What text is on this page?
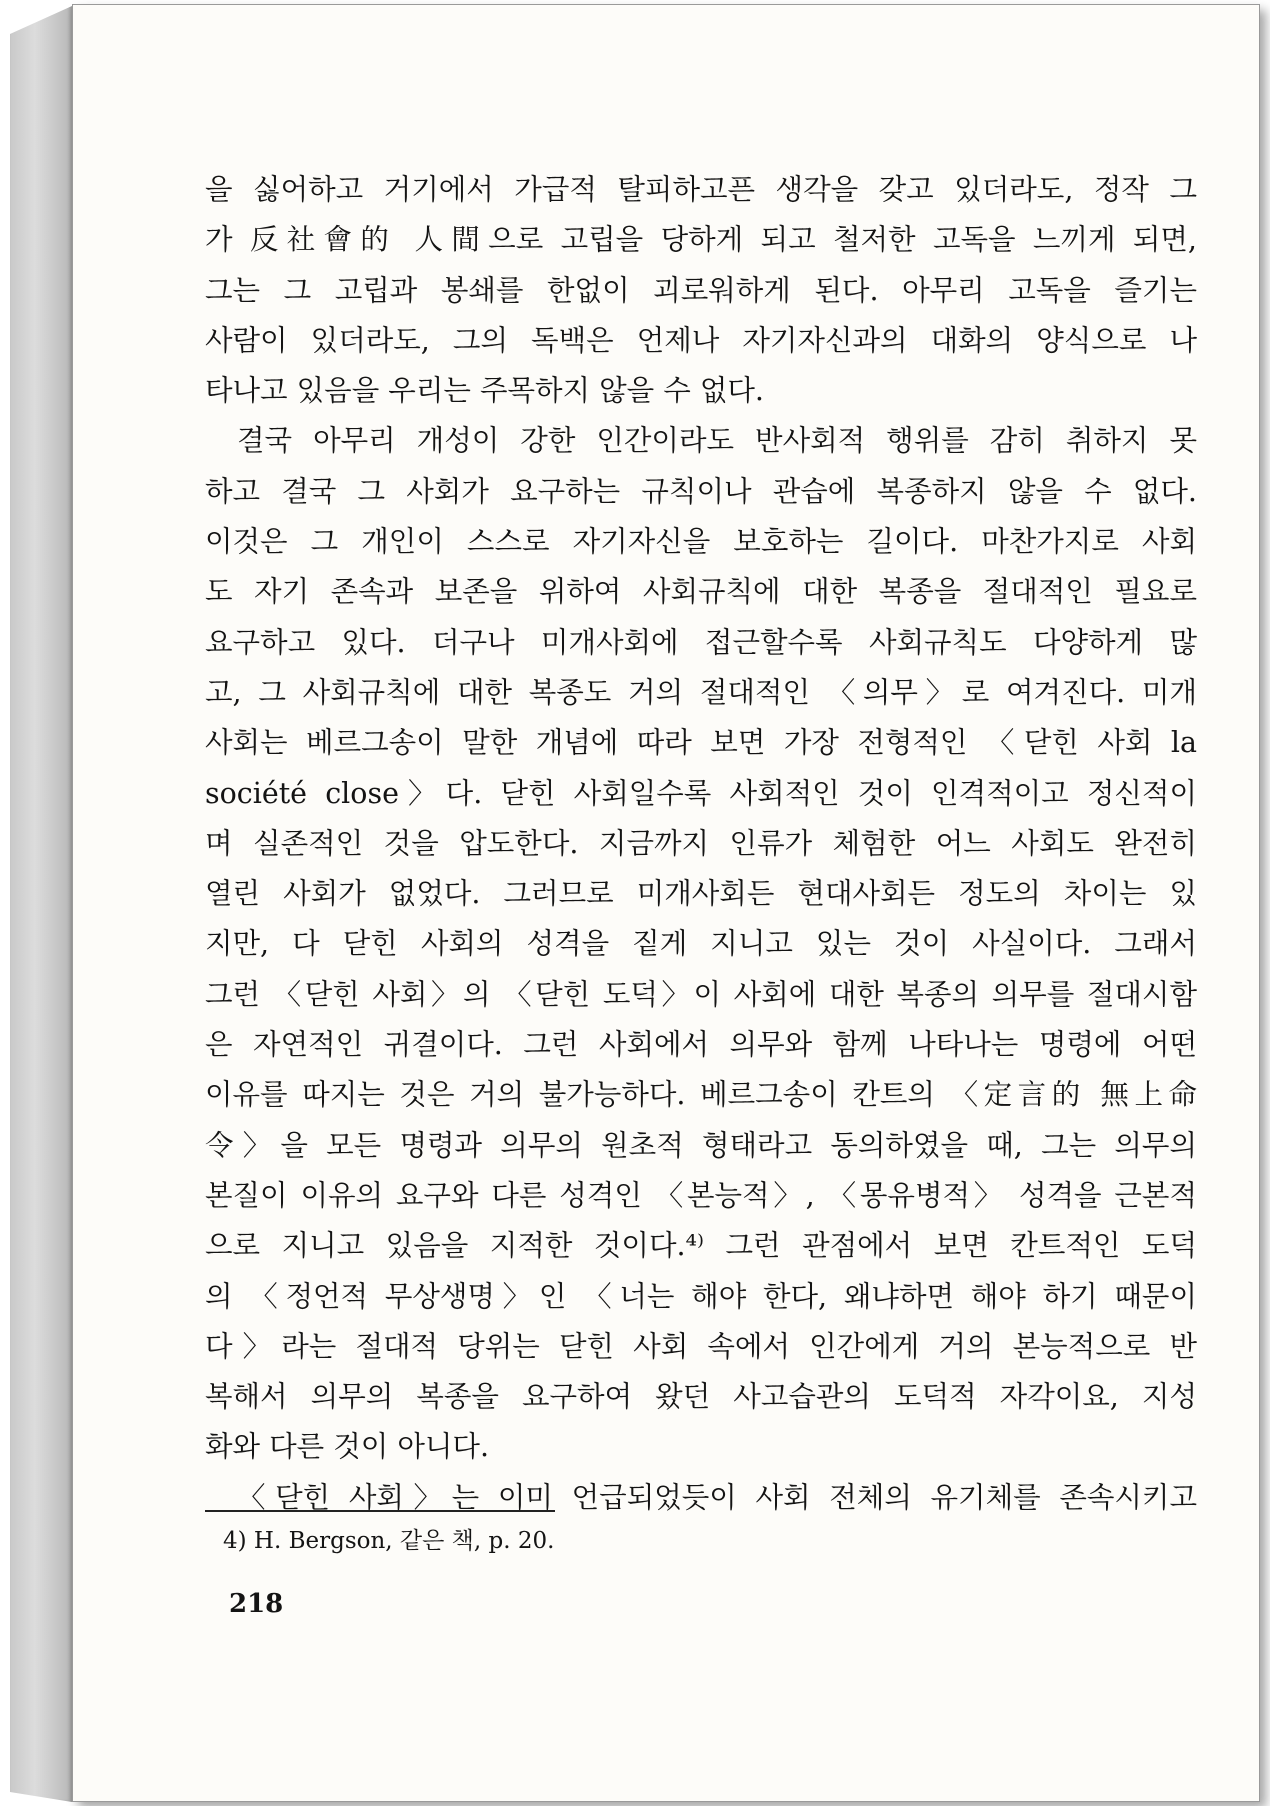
을 싫어하고 거기에서 가급적 탈피하고픈 생각을 갖고 있더라도, 정작 그
가 反社會的 人間으로 고립을 당하게 되고 철저한 고독을 느끼게 되면,
그는 그 고립과 봉쇄를 한없이 괴로워하게 된다. 아무리 고독을 즐기는
사람이 있더라도, 그의 독백은 언제나 자기자신과의 대화의 양식으로 나
타나고 있음을 우리는 주목하지 않을 수 없다.
결국 아무리 개성이 강한 인간이라도 반사회적 행위를 감히 취하지 못
하고 결국 그 사회가 요구하는 규칙이나 관습에 복종하지 않을 수 없다.
이것은 그 개인이 스스로 자기자신을 보호하는 길이다. 마찬가지로 사회
도 자기 존속과 보존을 위하여 사회규칙에 대한 복종을 절대적인 필요로
요구하고 있다. 더구나 미개사회에 접근할수록 사회규칙도 다양하게 많
고, 그 사회규칙에 대한 복종도 거의 절대적인 〈의무〉로 여겨진다. 미개
사회는 베르그송이 말한 개념에 따라 보면 가장 전형적인 〈닫힌 사회 la
société close〉다. 닫힌 사회일수록 사회적인 것이 인격적이고 정신적이
며 실존적인 것을 압도한다. 지금까지 인류가 체험한 어느 사회도 완전히
열린 사회가 없었다. 그러므로 미개사회든 현대사회든 정도의 차이는 있
지만, 다 닫힌 사회의 성격을 짙게 지니고 있는 것이 사실이다. 그래서
그런 〈닫힌 사회〉의 〈닫힌 도덕〉이 사회에 대한 복종의 의무를 절대시함
은 자연적인 귀결이다. 그런 사회에서 의무와 함께 나타나는 명령에 어떤
이유를 따지는 것은 거의 불가능하다. 베르그송이 칸트의 〈定言的 無上命
令〉을 모든 명령과 의무의 원초적 형태라고 동의하였을 때, 그는 의무의
본질이 이유의 요구와 다른 성격인 〈본능적〉, 〈몽유병적〉 성격을 근본적
으로 지니고 있음을 지적한 것이다.⁴⁾ 그런 관점에서 보면 칸트적인 도덕
의 〈정언적 무상생명〉인 〈너는 해야 한다, 왜냐하면 해야 하기 때문이
다〉라는 절대적 당위는 닫힌 사회 속에서 인간에게 거의 본능적으로 반
복해서 의무의 복종을 요구하여 왔던 사고습관의 도덕적 자각이요, 지성
화와 다른 것이 아니다.
〈닫힌 사회〉는 이미 언급되었듯이 사회 전체의 유기체를 존속시키고
4) H. Bergson, 같은 책, p. 20.
218
